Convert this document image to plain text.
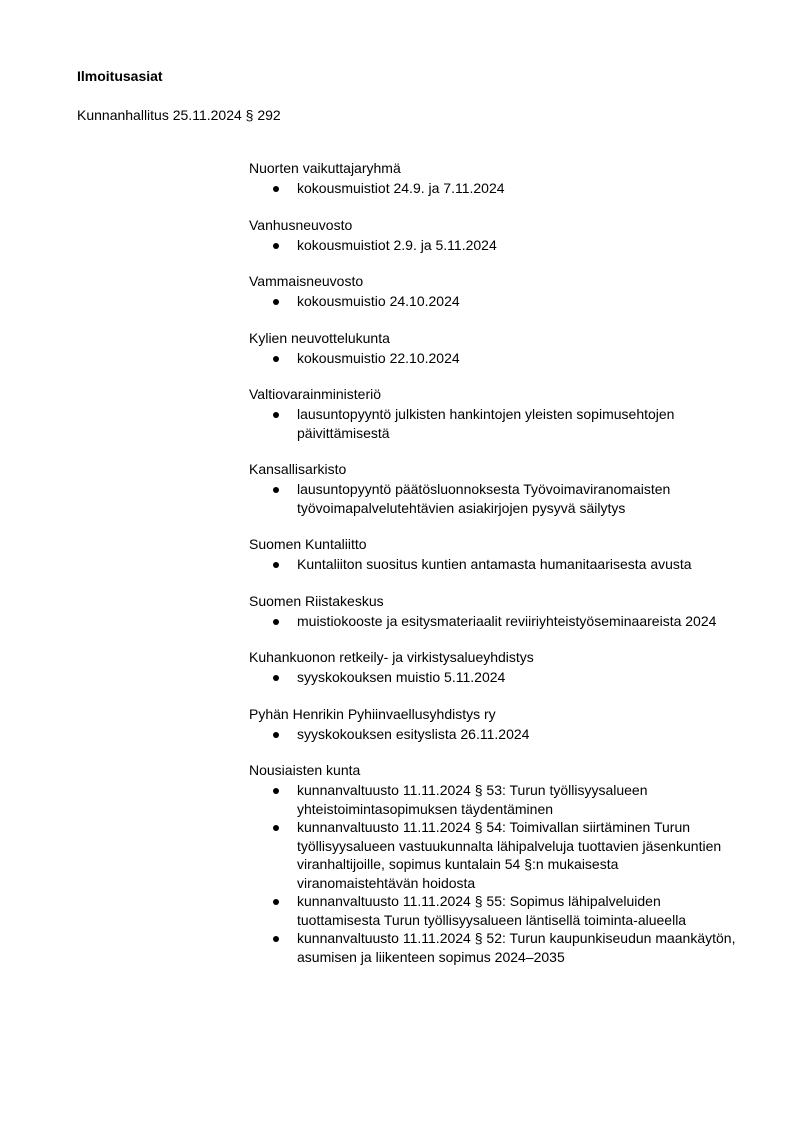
Ilmoitusasiat

Kunnanhallitus 25.11.2024 § 292

Nuorten vaikuttajaryhmä

kokousmuistiot 24.9. ja 7.11.2024

Vanhusneuvosto

kokousmuistiot 2.9. ja 5.11.2024

Vammaisneuvosto

kokousmuistio 24.10.2024

Kylien neuvottelukunta

kokousmuistio 22.10.2024

Valtiovarainministeriö

lausuntopyyntö julkisten hankintojen yleisten sopimusehtojen päivittämisestä

Kansallisarkisto

lausuntopyyntö päätösluonnoksesta Työvoimaviranomaisten työvoimapalvelutehtävien asiakirjojen pysyvä säilytys

Suomen Kuntaliitto

Kuntaliiton suositus kuntien antamasta humanitaarisesta avusta

Suomen Riistakeskus

muistiokooste ja esitysmateriaalit reviiriyhteistyöseminaareista 2024

Kuhankuonon retkeily- ja virkistysalueyhdistys

syyskokouksen muistio 5.11.2024

Pyhän Henrikin Pyhiinvaellusyhdistys ry

syyskokouksen esityslista 26.11.2024

Nousiaisten kunta

kunnanvaltuusto 11.11.2024 § 53: Turun työllisyysalueen yhteistoimintasopimuksen täydentäminen
kunnanvaltuusto 11.11.2024 § 54: Toimivallan siirtäminen Turun työllisyysalueen vastuukunnalta lähipalveluja tuottavien jäsenkuntien viranhaltijoille, sopimus kuntalain 54 §:n mukaisesta viranomaistehtävän hoidosta
kunnanvaltuusto 11.11.2024 § 55: Sopimus lähipalveluiden tuottamisesta Turun työllisyysalueen läntisellä toiminta-alueella
kunnanvaltuusto 11.11.2024 § 52: Turun kaupunkiseudun maankäytön, asumisen ja liikenteen sopimus 2024–2035
